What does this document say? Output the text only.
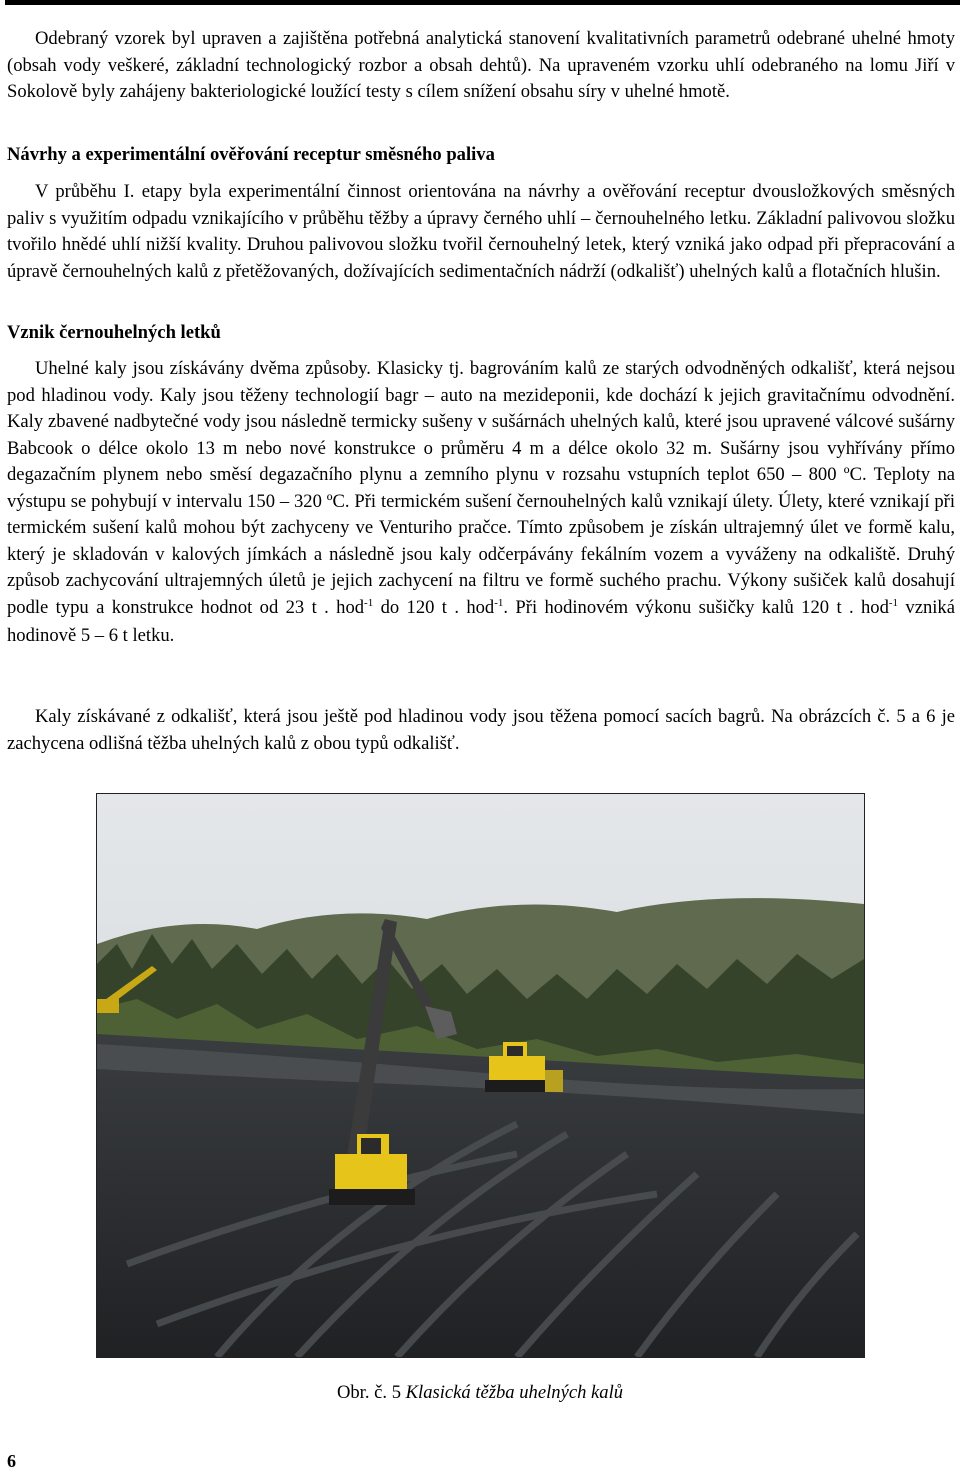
Odebraný vzorek byl upraven a zajištěna potřebná analytická stanovení kvalitativních parametrů odebrané uhelné hmoty (obsah vody veškeré, základní technologický rozbor a obsah dehtů). Na upraveném vzorku uhlí odebraného na lomu Jiří v Sokolově byly zahájeny bakteriologické loužící testy s cílem snížení obsahu síry v uhelné hmotě.

Návrhy a experimentální ověřování receptur směsného paliva

V průběhu I. etapy byla experimentální činnost orientována na návrhy a ověřování receptur dvousložkových směsných paliv s využitím odpadu vznikajícího v průběhu těžby a úpravy černého uhlí – černouhelného letku. Základní palivovou složku tvořilo hnědé uhlí nižší kvality. Druhou palivovou složku tvořil černouhelný letek, který vzniká jako odpad při přepracování a úpravě černouhelných kalů z přetěžovaných, dožívajících sedimentačních nádrží (odkališť) uhelných kalů a flotačních hlušin.

Vznik černouhelných letků

Uhelné kaly jsou získávány dvěma způsoby. Klasicky tj. bagrováním kalů ze starých odvodněných odkališť, která nejsou pod hladinou vody. Kaly jsou těženy technologií bagr – auto na mezideponii, kde dochází k jejich gravitačnímu odvodnění. Kaly zbavené nadbytečné vody jsou následně termicky sušeny v sušárnách uhelných kalů, které jsou upravené válcové sušárny Babcook o délce okolo 13 m nebo nové konstrukce o průměru 4 m a délce okolo 32 m. Sušárny jsou vyhřívány přímo degazačním plynem nebo směsí degazačního plynu a zemního plynu v rozsahu vstupních teplot 650 – 800 ºC. Teploty na výstupu se pohybují v intervalu 150 – 320 ºC. Při termickém sušení černouhelných kalů vznikají úlety. Úlety, které vznikají při termickém sušení kalů mohou být zachyceny ve Venturiho pračce. Tímto způsobem je získán ultrajemný úlet ve formě kalu, který je skladován v kalových jímkách a následně jsou kaly odčerpávány fekálním vozem a vyváženy na odkaliště. Druhý způsob zachycování ultrajemných úletů je jejich zachycení na filtru ve formě suchého prachu. Výkony sušiček kalů dosahují podle typu a konstrukce hodnot od 23 t . hod$^{-1}$ do 120 t . hod$^{-1}$. Při hodinovém výkonu sušičky kalů 120 t . hod$^{-1}$ vzniká hodinově 5 – 6 t letku.

Kaly získávané z odkališť, která jsou ještě pod hladinou vody jsou těžena pomocí sacích bagrů. Na obrázcích č. 5 a 6 je zachycena odlišná těžba uhelných kalů z obou typů odkališť.

Obr. č. 5 Klasická těžba uhelných kalů
6
